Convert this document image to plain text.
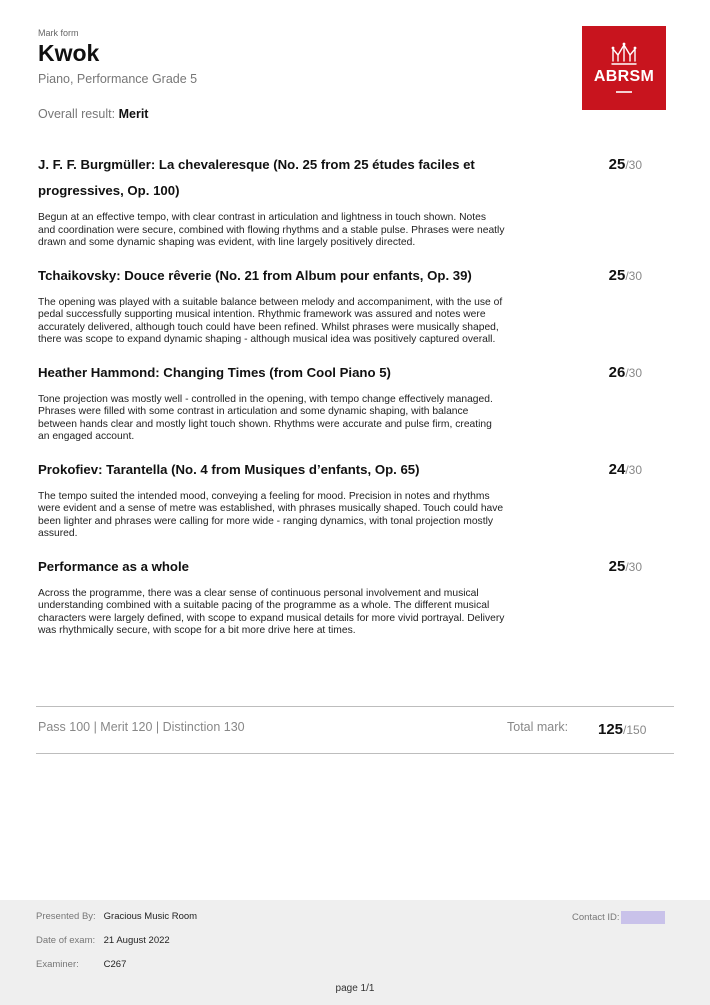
Mark form
Kwok
Piano, Performance Grade 5
Overall result: Merit
ABRSM
J. F. F. Burgmüller: La chevaleresque (No. 25 from 25 études faciles et progressives, Op. 100)
25/30
Begun at an effective tempo, with clear contrast in articulation and lightness in touch shown. Notes and coordination were secure, combined with flowing rhythms and a stable pulse. Phrases were neatly drawn and some dynamic shaping was evident, with line largely positively directed.
Tchaikovsky: Douce rêverie (No. 21 from Album pour enfants, Op. 39)	25/30
The opening was played with a suitable balance between melody and accompaniment, with the use of pedal successfully supporting musical intention. Rhythmic framework was assured and notes were accurately delivered, although touch could have been refined. Whilst phrases were musically shaped, there was scope to expand dynamic shaping - although musical idea was positively captured overall.
Heather Hammond: Changing Times (from Cool Piano 5)	26/30
Tone projection was mostly well - controlled in the opening, with tempo change effectively managed. Phrases were filled with some contrast in articulation and some dynamic shaping, with balance between hands clear and mostly light touch shown. Rhythms were accurate and pulse firm, creating an engaged account.
Prokofiev: Tarantella (No. 4 from Musiques d’enfants, Op. 65)	24/30
The tempo suited the intended mood, conveying a feeling for mood. Precision in notes and rhythms were evident and a sense of metre was established, with phrases musically shaped. Touch could have been lighter and phrases were calling for more wide - ranging dynamics, with tonal projection mostly assured.
Performance as a whole	25/30
Across the programme, there was a clear sense of continuous personal involvement and musical understanding combined with a suitable pacing of the programme as a whole. The different musical characters were largely defined, with scope to expand musical details for more vivid portrayal. Delivery was rhythmically secure, with scope for a bit more drive here at times.
Pass 100 | Merit 120 | Distinction 130	Total mark: 125/150
Presented By: Gracious Music Room
Date of exam: 21 August 2022
Examiner:	C267
Contact ID:
page 1/1
